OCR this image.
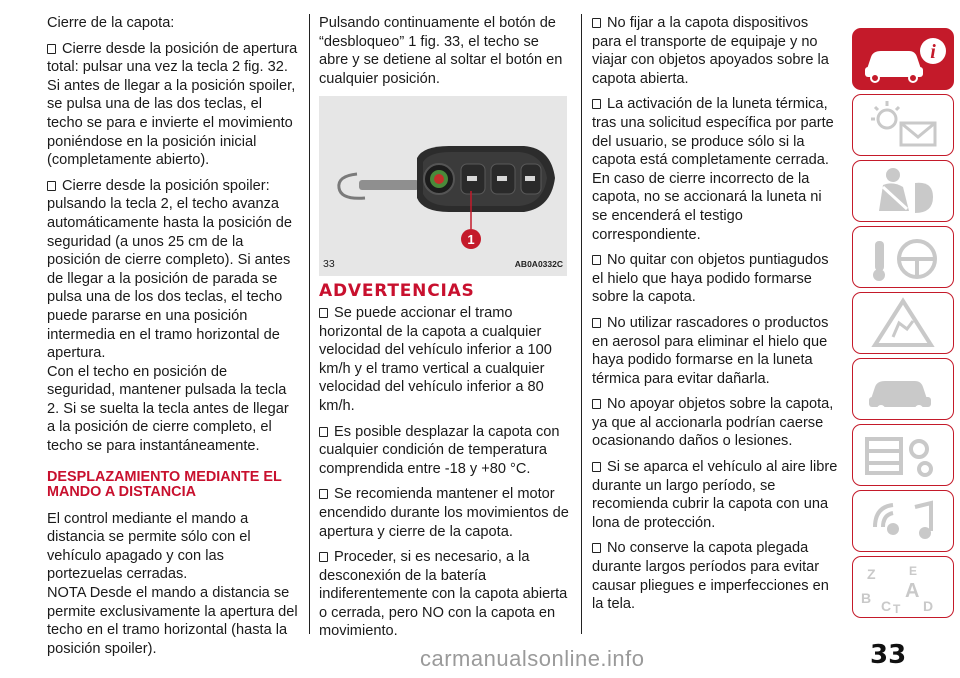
Cierre de la capota:

Cierre desde la posición de apertura total: pulsar una vez la tecla 2 fig. 32.

Si antes de llegar a la posición spoiler, se pulsa una de las dos teclas, el techo se para e invierte el movimiento poniéndose en la posición inicial (completamente abierto).

Cierre desde la posición spoiler: pulsando la tecla 2, el techo avanza automáticamente hasta la posición de seguridad (a unos 25 cm de la posición de cierre completo). Si antes de llegar a la posición de parada se pulsa una de los dos teclas, el techo puede pararse en una posición intermedia en el tramo horizontal de apertura.

Con el techo en posición de seguridad, mantener pulsada la tecla 2. Si se suelta la tecla antes de llegar a la posición de cierre completo, el techo se para instantáneamente.

DESPLAZAMIENTO MEDIANTE EL MANDO A DISTANCIA

El control mediante el mando a distancia se permite sólo con el vehículo apagado y con las portezuelas cerradas.

NOTA Desde el mando a distancia se permite exclusivamente la apertura del techo en el tramo horizontal (hasta la posición spoiler).

Pulsando continuamente el botón de “desbloqueo” 1 fig. 33, el techo se abre y se detiene al soltar el botón en cualquier posición.

1
33	AB0A0332C
ADVERTENCIAS

Se puede accionar el tramo horizontal de la capota a cualquier velocidad del vehículo inferior a 100 km/h y el tramo vertical a cualquier velocidad del vehículo inferior a 80 km/h.

Es posible desplazar la capota con cualquier condición de temperatura comprendida entre -18 y +80 °C.

Se recomienda mantener el motor encendido durante los movimientos de apertura y cierre de la capota.

Proceder, si es necesario, a la desconexión de la batería indiferentemente con la capota abierta o cerrada, pero NO con la capota en movimiento.

No fijar a la capota dispositivos para el transporte de equipaje y no viajar con objetos apoyados sobre la capota abierta.

La activación de la luneta térmica, tras una solicitud específica por parte del usuario, se produce sólo si la capota está completamente cerrada. En caso de cierre incorrecto de la capota, no se accionará la luneta ni se encenderá el testigo correspondiente.

No quitar con objetos puntiagudos el hielo que haya podido formarse sobre la capota.

No utilizar rascadores o productos en aerosol para eliminar el hielo que haya podido formarse en la luneta térmica para evitar dañarla.

No apoyar objetos sobre la capota, ya que al accionarla podrían caerse ocasionando daños o lesiones.

Si se aparca el vehículo al aire libre durante un largo período, se recomienda cubrir la capota con una lona de protección.

No conserve la capota plegada durante largos períodos para evitar causar pliegues e imperfecciones en la tela.

i
Z	E
B A
C T D
33
carmanualsonline.info
